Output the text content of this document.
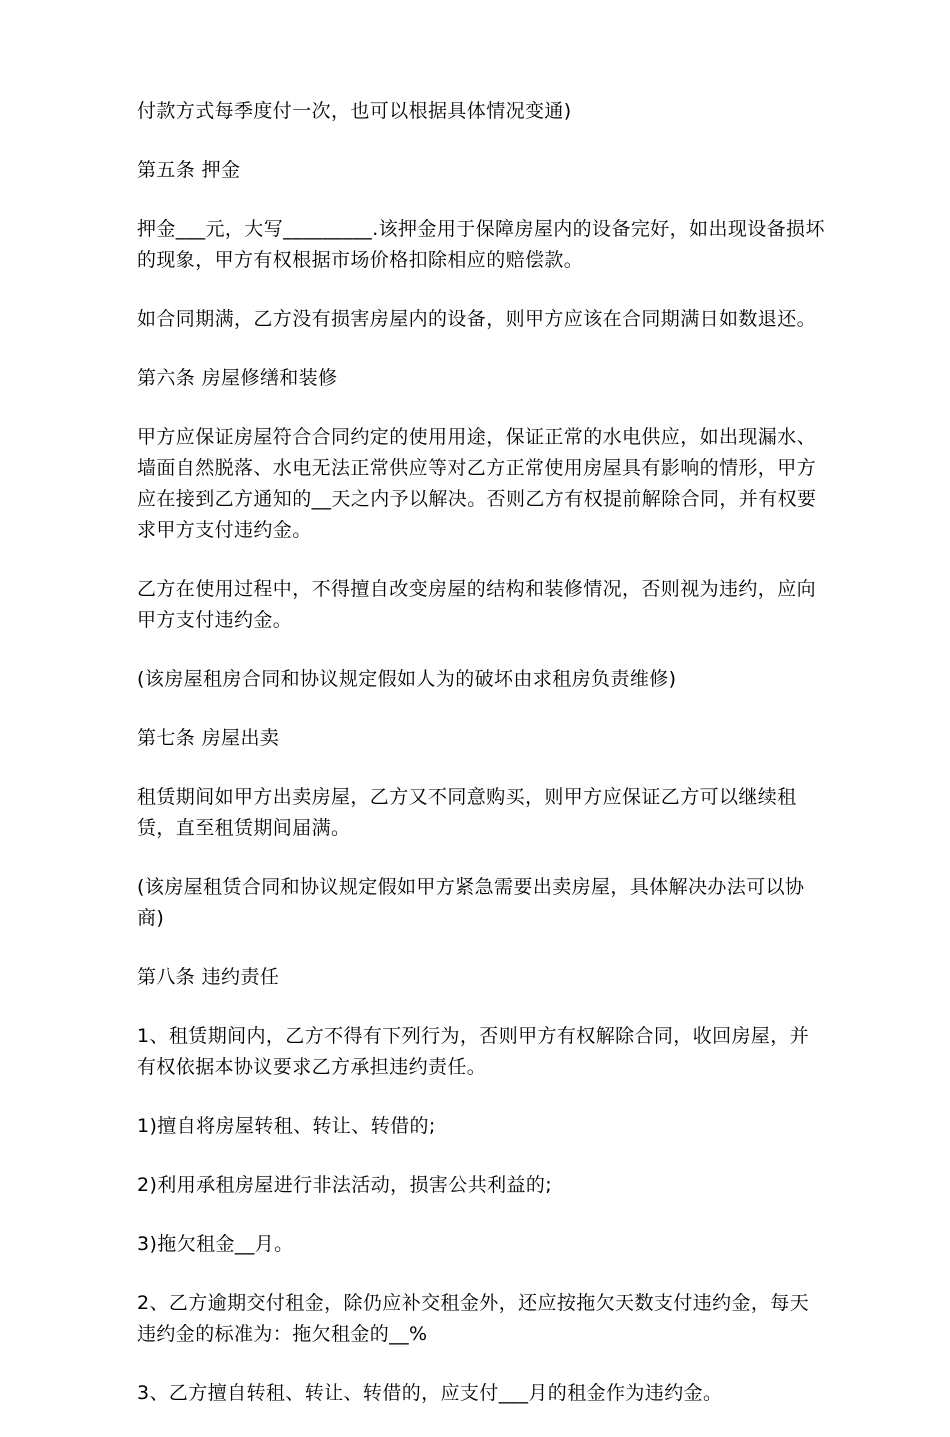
付款方式每季度付一次，也可以根据具体情况变通)

第五条 押金

押金___元，大写_________.该押金用于保障房屋内的设备完好，如出现设备损坏的现象，甲方有权根据市场价格扣除相应的赔偿款。

如合同期满，乙方没有损害房屋内的设备，则甲方应该在合同期满日如数退还。

第六条 房屋修缮和装修

甲方应保证房屋符合合同约定的使用用途，保证正常的水电供应，如出现漏水、墙面自然脱落、水电无法正常供应等对乙方正常使用房屋具有影响的情形，甲方应在接到乙方通知的__天之内予以解决。否则乙方有权提前解除合同，并有权要求甲方支付违约金。

乙方在使用过程中，不得擅自改变房屋的结构和装修情况，否则视为违约，应向甲方支付违约金。

(该房屋租房合同和协议规定假如人为的破坏由求租房负责维修)

第七条 房屋出卖

租赁期间如甲方出卖房屋，乙方又不同意购买，则甲方应保证乙方可以继续租赁，直至租赁期间届满。

(该房屋租赁合同和协议规定假如甲方紧急需要出卖房屋，具体解决办法可以协商)

第八条 违约责任

1、租赁期间内，乙方不得有下列行为，否则甲方有权解除合同，收回房屋，并有权依据本协议要求乙方承担违约责任。

1)擅自将房屋转租、转让、转借的;

2)利用承租房屋进行非法活动，损害公共利益的;

3)拖欠租金__月。

2、乙方逾期交付租金，除仍应补交租金外，还应按拖欠天数支付违约金，每天违约金的标准为：拖欠租金的__%

3、乙方擅自转租、转让、转借的，应支付___月的租金作为违约金。
